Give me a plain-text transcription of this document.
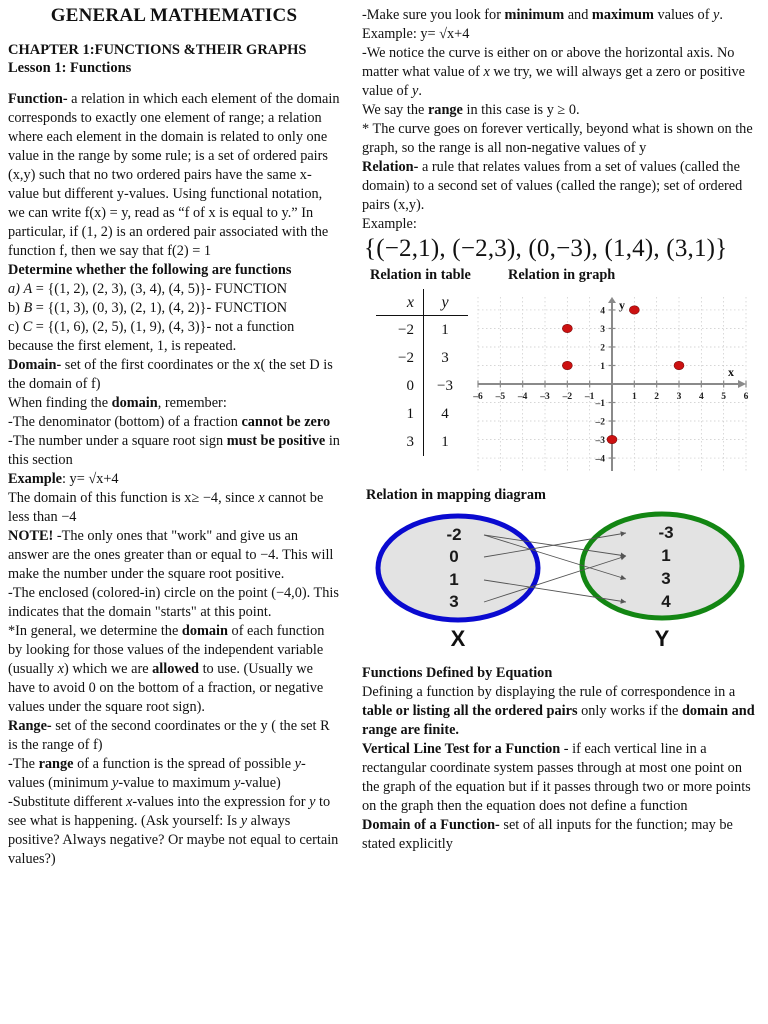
GENERAL MATHEMATICS
CHAPTER 1:FUNCTIONS &THEIR GRAPHS
Lesson 1: Functions

Function- a relation in which each element of the domain corresponds to exactly one element of range; a relation where each element in the domain is related to only one value in the range by some rule; is a set of ordered pairs (x,y) such that no two ordered pairs have the same x-value but different y-values. Using functional notation, we can write f(x) = y, read as “f of x is equal to y.” In particular, if (1, 2) is an ordered pair associated with the function f, then we say that f(2) = 1

Determine whether the following are functions

a) A = {(1, 2), (2, 3), (3, 4), (4, 5)}- FUNCTION

b) B = {(1, 3), (0, 3), (2, 1), (4, 2)}- FUNCTION

c) C = {(1, 6), (2, 5), (1, 9), (4, 3)}- not a function because the first element, 1, is repeated.

Domain- set of the first coordinates or the x( the set D is the domain of f)

When finding the domain, remember:

-The denominator (bottom) of a fraction cannot be zero

-The number under a square root sign must be positive in this section

Example: y= √x+4

The domain of this function is x≥ −4, since x cannot be less than −4

NOTE! -The only ones that "work" and give us an answer are the ones greater than or equal to −4. This will make the number under the square root positive.

-The enclosed (colored-in) circle on the point (−4,0). This indicates that the domain "starts" at this point.

*In general, we determine the domain of each function by looking for those values of the independent variable (usually x) which we are allowed to use. (Usually we have to avoid 0 on the bottom of a fraction, or negative values under the square root sign).

Range- set of the second coordinates or the y ( the set R is the range of f)

-The range of a function is the spread of possible y-values (minimum y-value to maximum y-value)

-Substitute different x-values into the expression for y to see what is happening. (Ask yourself: Is y always positive? Always negative? Or maybe not equal to certain values?)

-Make sure you look for minimum and maximum values of y.

Example: y= √x+4

-We notice the curve is either on or above the horizontal axis. No matter what value of x we try, we will always get a zero or positive value of y.

We say the range in this case is y ≥ 0.

* The curve goes on forever vertically, beyond what is shown on the graph, so the range is all non-negative values of y

Relation- a rule that relates values from a set of values (called the domain) to a second set of values (called the range); set of ordered pairs (x,y).

Example:

{(−2,1), (−2,3), (0,−3), (1,4), (3,1)}
Relation in table	Relation in graph
x	y

−2	1
−2	3
0	−3
1	4
3	1
–6 –5 –4 –3 –2 –1	1 2 3 4 5 6
4
3
2
1
–1
–2
–3
–4
x
y
Relation in mapping diagram
-2
0
1
3
-3
1
3
4
X	Y

Functions Defined by Equation

Defining a function by displaying the rule of correspondence in a table or listing all the ordered pairs only works if the domain and range are finite.

Vertical Line Test for a Function - if each vertical line in a rectangular coordinate system passes through at most one point on the graph of the equation but if it passes through two or more points on the graph then the equation does not define a function

Domain of a Function- set of all inputs for the function; may be stated explicitly
